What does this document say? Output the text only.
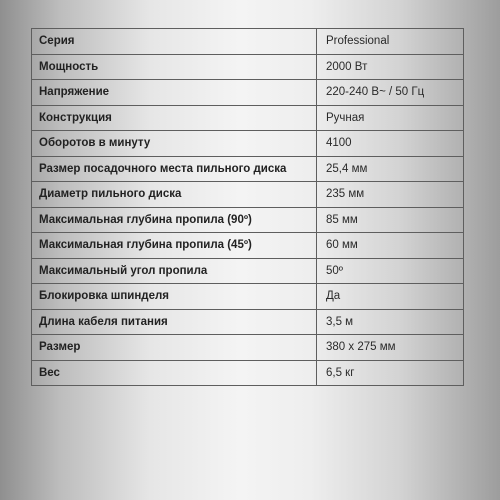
Серия	Professional
Мощность	2000 Вт
Напряжение	220-240 В~ / 50 Гц
Конструкция	Ручная
Оборотов в минуту	4100
Размер посадочного места пильного диска	25,4 мм
Диаметр пильного диска	235 мм
Максимальная глубина пропила (90º)	85 мм
Максимальная глубина пропила (45º)	60 мм
Максимальный угол пропила	50º
Блокировка шпинделя	Да
Длина кабеля питания	3,5 м
Размер	380 х 275 мм
Вес	6,5 кг
